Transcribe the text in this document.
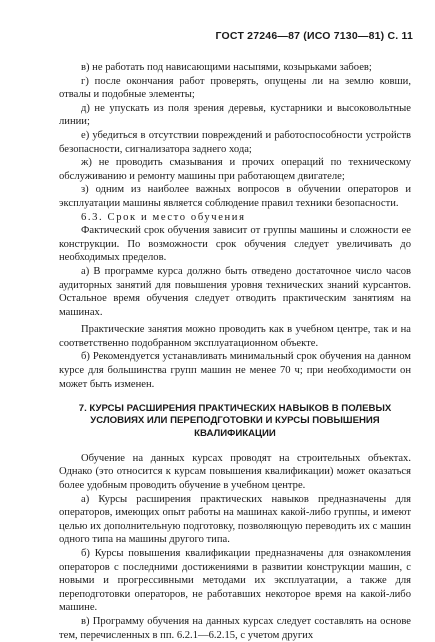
ГОСТ 27246—87 (ИСО 7130—81) С. 11

в) не работать под нависающими насыпями, козырьками забоев;

г) после окончания работ проверять, опущены ли на землю ковши, отвалы и подобные элементы;

д) не упускать из поля зрения деревья, кустарники и высоковольтные линии;

е) убедиться в отсутствии повреждений и работоспособности устройств безопасности, сигнализатора заднего хода;

ж) не проводить смазывания и прочих операций по техническому обслуживанию и ремонту машины при работающем двигателе;

з) одним из наиболее важных вопросов в обучении операторов и эксплуатации машины является соблюдение правил техники безопасности.

6.3. Срок и место обучения

Фактический срок обучения зависит от группы машины и сложности ее конструкции. По возможности срок обучения следует увеличивать до необходимых пределов.

а) В программе курса должно быть отведено достаточное число часов аудиторных занятий для повышения уровня технических знаний курсантов. Остальное время обучения следует отводить практическим занятиям на машинах.

Практические занятия можно проводить как в учебном центре, так и на соответственно подобранном эксплуатационном объекте.

б) Рекомендуется устанавливать минимальный срок обучения на данном курсе для большинства групп машин не менее 70 ч; при необходимости он может быть изменен.

7. КУРСЫ РАСШИРЕНИЯ ПРАКТИЧЕСКИХ НАВЫКОВ В ПОЛЕВЫХ УСЛОВИЯХ ИЛИ ПЕРЕПОДГОТОВКИ И КУРСЫ ПОВЫШЕНИЯ КВАЛИФИКАЦИИ

Обучение на данных курсах проводят на строительных объектах. Однако (это относится к курсам повышения квалификации) может оказаться более удобным проводить обучение в учебном центре.

а) Курсы расширения практических навыков предназначены для операторов, имеющих опыт работы на машинах какой-либо группы, и имеют целью их дополнительную подготовку, позволяющую переводить их с машин одного типа на машины другого типа.

б) Курсы повышения квалификации предназначены для ознакомления операторов с последними достижениями в развитии конструкции машин, с новыми и прогрессивными методами их эксплуатации, а также для переподготовки операторов, не работавших некоторое время на какой-либо машине.

в) Программу обучения на данных курсах следует составлять на основе тем, перечисленных в пп. 6.2.1—6.2.15, с учетом других
